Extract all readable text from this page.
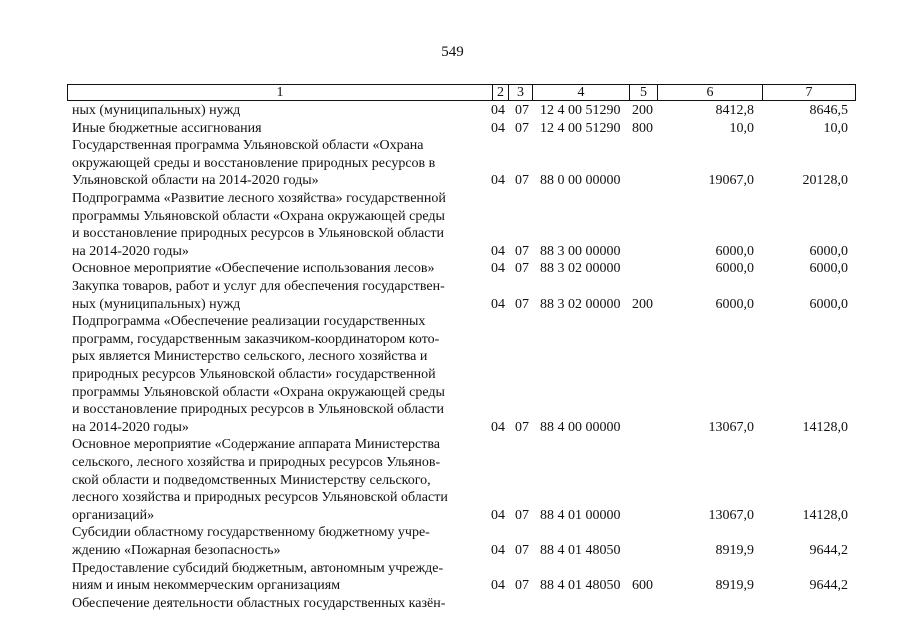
549
1	2 3	4	5	6	7
ных (муниципальных) нужд	04 07 12 4 00 51290 200	8412,8	8646,5
Иные бюджетные ассигнования	04 07 12 4 00 51290 800	10,0	10,0
Государственная программа Ульяновской области «Охрана
окружающей среды и восстановление природных ресурсов в
Ульяновской области на 2014-2020 годы»	04 07 88 0 00 00000	19067,0	20128,0
Подпрограмма «Развитие лесного хозяйства» государственной
программы Ульяновской области «Охрана окружающей среды
и восстановление природных ресурсов в Ульяновской области
на 2014-2020 годы»	04 07 88 3 00 00000	6000,0	6000,0
Основное мероприятие «Обеспечение использования лесов»	04 07 88 3 02 00000	6000,0	6000,0
Закупка товаров, работ и услуг для обеспечения государствен-
ных (муниципальных) нужд	04 07 88 3 02 00000 200	6000,0	6000,0
Подпрограмма «Обеспечение реализации государственных
программ, государственным заказчиком-координатором кото-
рых является Министерство сельского, лесного хозяйства и
природных ресурсов Ульяновской области» государственной
программы Ульяновской области «Охрана окружающей среды
и восстановление природных ресурсов в Ульяновской области
на 2014-2020 годы»	04 07 88 4 00 00000	13067,0	14128,0
Основное мероприятие «Содержание аппарата Министерства
сельского, лесного хозяйства и природных ресурсов Ульянов-
ской области и подведомственных Министерству сельского,
лесного хозяйства и природных ресурсов Ульяновской области
организаций»	04 07 88 4 01 00000	13067,0	14128,0
Субсидии областному государственному бюджетному учре-
ждению «Пожарная безопасность»	04 07 88 4 01 48050	8919,9	9644,2
Предоставление субсидий бюджетным, автономным учрежде-
ниям и иным некоммерческим организациям	04 07 88 4 01 48050 600	8919,9	9644,2
Обеспечение деятельности областных государственных казён-
